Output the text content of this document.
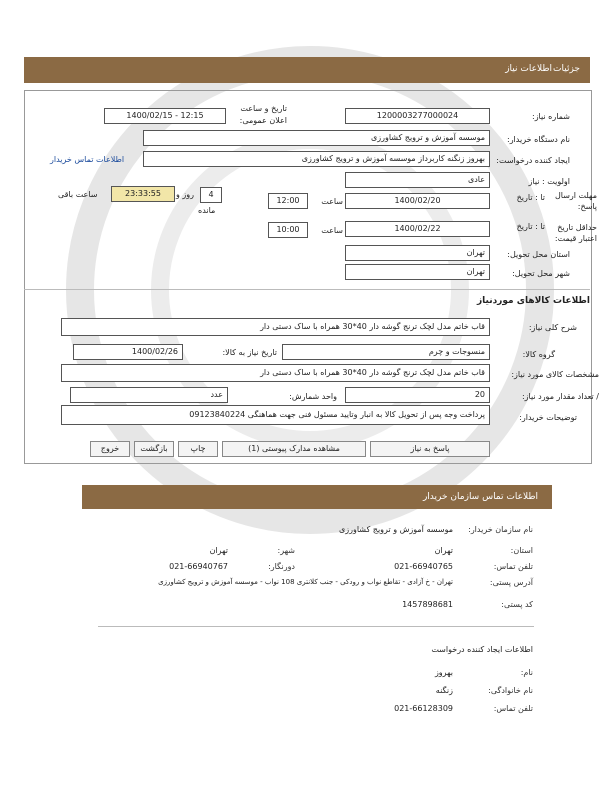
جزئیات
اطلاعات نیاز
شماره نیاز:
1200003277000024
تاریخ و ساعت اعلان عمومی:
1400/02/15 - 12:15
نام دستگاه خریدار:
موسسه آموزش و ترویج کشاورزی
ایجاد کننده درخواست:
بهروز زنگنه کاربرداز موسسه آموزش و ترویج کشاورزی
اطلاعات تماس خریدار
اولویت : نیاز
عادی
مهلت ارسال پاسخ:
تا : تاریخ
1400/02/20
ساعت
12:00
4
روز و
مانده
23:33:55
ساعت باقی
حداقل تاریخ اعتبار قیمت:
تا : تاریخ
1400/02/22
ساعت
10:00
استان محل تحویل:
تهران
شهر محل تحویل:
تهران
اطلاعات کالاهای موردنیاز
شرح کلی نیاز:
قاب خاتم مدل لچک ترنج گوشه دار 40*30 همراه با ساک دستی دار
گروه کالا:
منسوجات و چرم
تاریخ نیاز به کالا:
1400/02/26
مشخصات کالای مورد نیاز:
قاب خاتم مدل لچک ترنج گوشه دار 40*30 همراه با ساک دستی دار
/ تعداد مقدار مورد نیاز:
20
واحد شمارش:
عدد
توضیحات خریدار:
پرداخت وجه پس از تحویل کالا به انبار وتایید مسئول فنی جهت هماهنگی 09123840224
پاسخ به نیاز
مشاهده مدارک پیوستی (1)
چاپ
بازگشت
خروج
اطلاعات تماس سازمان خریدار
نام سازمان خریدار:
موسسه آموزش و ترویج کشاورزی
استان:
تهران
شهر:
تهران
تلفن تماس:
021-66940765
دورنگار:
021-66940767
آدرس پستی:
تهران - خ آزادی - تقاطع نواب و رودکی - جنب کلانتری 108 نواب - موسسه آموزش و ترویج کشاورزی
کد پستی:
1457898681
اطلاعات ایجاد کننده درخواست
نام:
بهروز
نام خانوادگی:
زنگنه
تلفن تماس:
021-66128309
